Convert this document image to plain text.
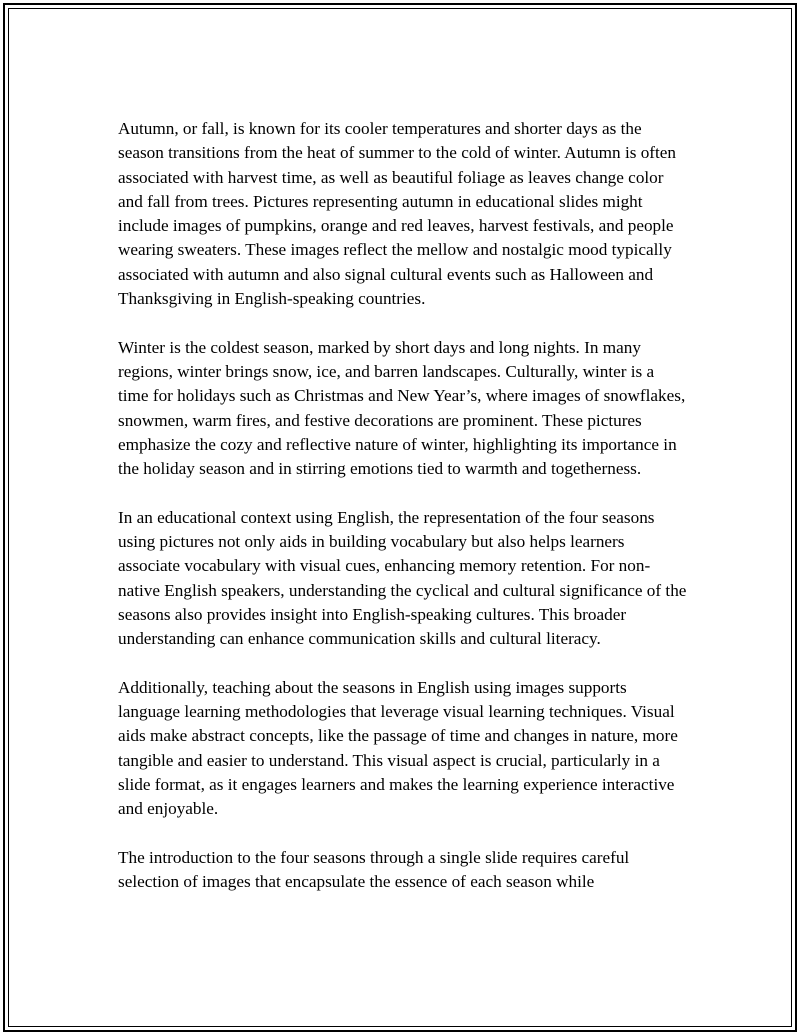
Autumn, or fall, is known for its cooler temperatures and shorter days as the season transitions from the heat of summer to the cold of winter. Autumn is often associated with harvest time, as well as beautiful foliage as leaves change color and fall from trees. Pictures representing autumn in educational slides might include images of pumpkins, orange and red leaves, harvest festivals, and people wearing sweaters. These images reflect the mellow and nostalgic mood typically associated with autumn and also signal cultural events such as Halloween and Thanksgiving in English-speaking countries.

Winter is the coldest season, marked by short days and long nights. In many regions, winter brings snow, ice, and barren landscapes. Culturally, winter is a time for holidays such as Christmas and New Year’s, where images of snowflakes, snowmen, warm fires, and festive decorations are prominent. These pictures emphasize the cozy and reflective nature of winter, highlighting its importance in the holiday season and in stirring emotions tied to warmth and togetherness.

In an educational context using English, the representation of the four seasons using pictures not only aids in building vocabulary but also helps learners associate vocabulary with visual cues, enhancing memory retention. For non-native English speakers, understanding the cyclical and cultural significance of the seasons also provides insight into English-speaking cultures. This broader understanding can enhance communication skills and cultural literacy.

Additionally, teaching about the seasons in English using images supports language learning methodologies that leverage visual learning techniques. Visual aids make abstract concepts, like the passage of time and changes in nature, more tangible and easier to understand. This visual aspect is crucial, particularly in a slide format, as it engages learners and makes the learning experience interactive and enjoyable.

The introduction to the four seasons through a single slide requires careful selection of images that encapsulate the essence of each season while
